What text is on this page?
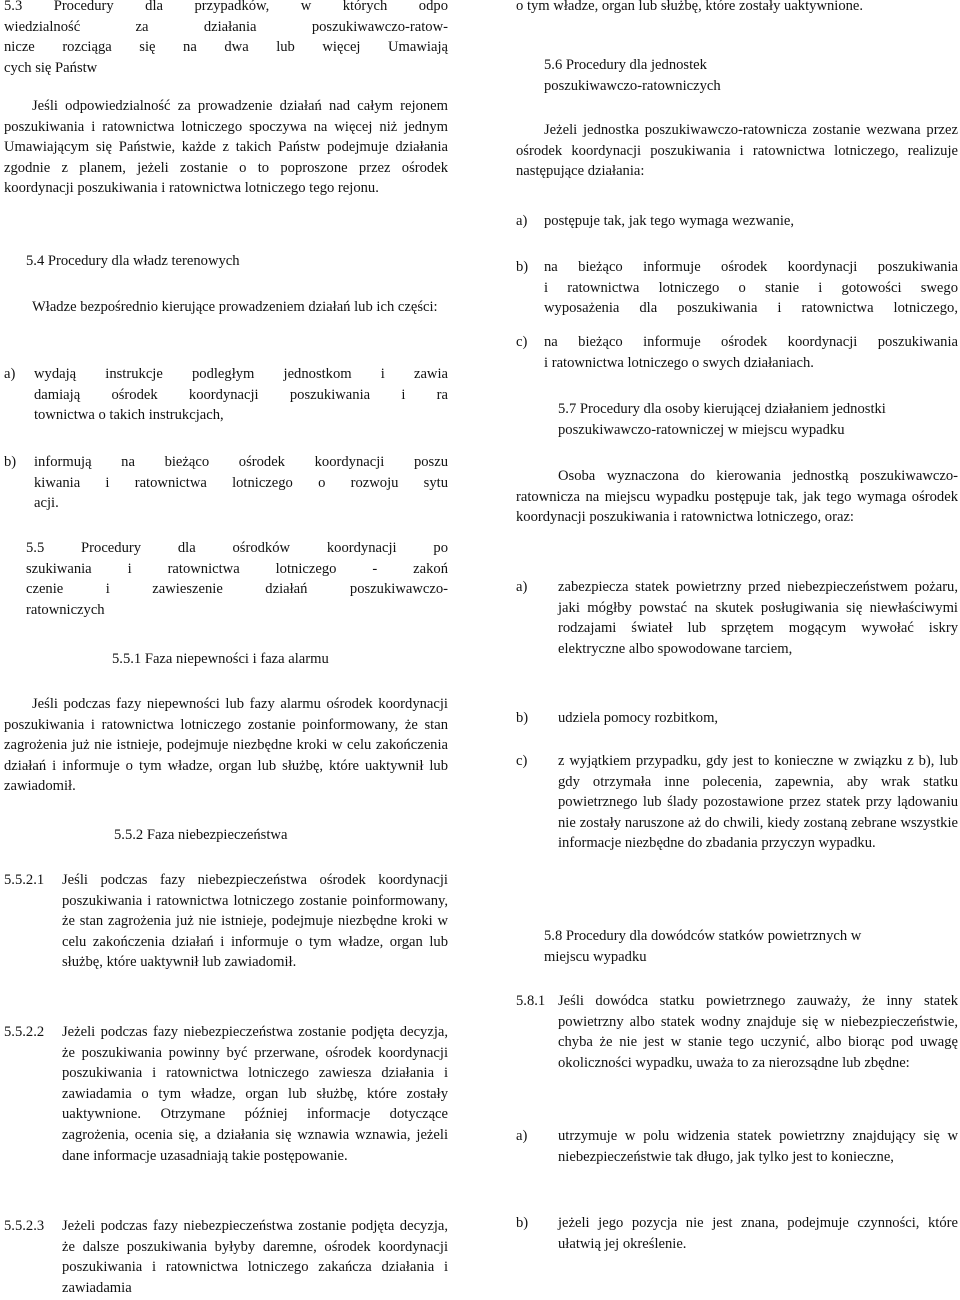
5.3 Procedury dla przypadków, w których odpo

wiedzialność za działania poszukiwawczo-ratow-

nicze rozciąga się na dwa lub więcej Umawiają

cych się Państw

Jeśli odpowiedzialność za prowadzenie działań nad całym rejonem poszukiwania i ratownictwa lotniczego spoczywa na więcej niż jednym Umawiającym się Państwie, każde z takich Państw podejmuje działania zgodnie z planem, jeżeli zostanie o to poproszone przez ośrodek koordynacji poszukiwania i ratownictwa lotniczego tego rejonu.

5.4 Procedury dla władz terenowych

Władze bezpośrednio kierujące prowadzeniem działań lub ich części:

a)	wydają instrukcje podległym jednostkom i zawia

damiają ośrodek koordynacji poszukiwania i ra

townictwa o takich instrukcjach,

b)	informują na bieżąco ośrodek koordynacji poszu

kiwania i ratownictwa lotniczego o rozwoju sytu

acji.

5.5 Procedury dla ośrodków koordynacji po

szukiwania i ratownictwa lotniczego - zakoń

czenie i zawieszenie działań poszukiwawczo-

ratowniczych

5.5.1 Faza niepewności i faza alarmu

Jeśli podczas fazy niepewności lub fazy alarmu ośrodek koordynacji poszukiwania i ratownictwa lotniczego zostanie poinformowany, że stan zagrożenia już nie istnieje, podejmuje niezbędne kroki w celu zakończenia działań i informuje o tym władze, organ lub służbę, które uaktywnił lub zawiadomił.

5.5.2 Faza niebezpieczeństwa

5.5.2.1	Jeśli podczas fazy niebezpieczeństwa ośrodek koordynacji poszukiwania i ratownictwa lotniczego zostanie poinformowany, że stan zagrożenia już nie istnieje, podejmuje niezbędne kroki w celu zakończenia działań i informuje o tym władze, organ lub służbę, które uaktywnił lub zawiadomił.

5.5.2.2	Jeżeli podczas fazy niebezpieczeństwa zostanie podjęta decyzja, że poszukiwania powinny być przerwane, ośrodek koordynacji poszukiwania i ratownictwa lotniczego zawiesza działania i zawiadamia o tym władze, organ lub służbę, które zostały uaktywnione. Otrzymane później informacje dotyczące zagrożenia, ocenia się, a działania się wznawia wznawia, jeżeli dane informacje uzasadniają takie postępowanie.

5.5.2.3	Jeżeli podczas fazy niebezpieczeństwa zostanie podjęta decyzja, że dalsze poszukiwania byłyby daremne, ośrodek koordynacji poszukiwania i ratownictwa lotniczego zakańcza działania i zawiadamia

o tym władze, organ lub służbę, które zostały uaktywnione.

5.6 Procedury dla jednostek

poszukiwawczo-ratowniczych

Jeżeli jednostka poszukiwawczo-ratownicza zostanie wezwana przez ośrodek koordynacji poszukiwania i ratownictwa lotniczego, realizuje następujące działania:

a) postępuje tak, jak tego wymaga wezwanie,

b) na bieżąco informuje ośrodek koordynacji poszukiwania

i ratownictwa lotniczego o stanie i gotowości swego

wyposażenia dla poszukiwania i ratownictwa lotniczego,

c) na bieżąco informuje ośrodek koordynacji poszukiwania

i ratownictwa lotniczego o swych działaniach.

5.7 Procedury dla osoby kierującej działaniem jednostki

poszukiwawczo-ratowniczej w miejscu wypadku

Osoba wyznaczona do kierowania jednostką poszukiwawczo-ratownicza na miejscu wypadku postępuje tak, jak tego wymaga ośrodek koordynacji poszukiwania i ratownictwa lotniczego, oraz:

a)	zabezpiecza statek powietrzny przed niebezpieczeństwem pożaru, jaki mógłby powstać na skutek posługiwania się niewłaściwymi rodzajami świateł lub sprzętem mogącym wywołać iskry elektryczne albo spowodowane tarciem,

b)	udziela pomocy rozbitkom,

c)	z wyjątkiem przypadku, gdy jest to konieczne w związku z b), lub gdy otrzymała inne polecenia, zapewnia, aby wrak statku powietrznego lub ślady pozostawione przez statek przy lądowaniu nie zostały naruszone aż do chwili, kiedy zostaną zebrane wszystkie informacje niezbędne do zbadania przyczyn wypadku.

5.8 Procedury dla dowódców statków powietrznych w

miejscu wypadku

5.8.1 Jeśli dowódca statku powietrznego zauważy, że inny statek powietrzny albo statek wodny znajduje się w niebezpieczeństwie, chyba że nie jest w stanie tego uczynić, albo biorąc pod uwagę okoliczności wypadku, uważa to za nierozsądne lub zbędne:

a)	utrzymuje w polu widzenia statek powietrzny znajdujący się w niebezpieczeństwie tak długo, jak tylko jest to konieczne,

b)	jeżeli jego pozycja nie jest znana, podejmuje czynności, które ułatwią jej określenie.
